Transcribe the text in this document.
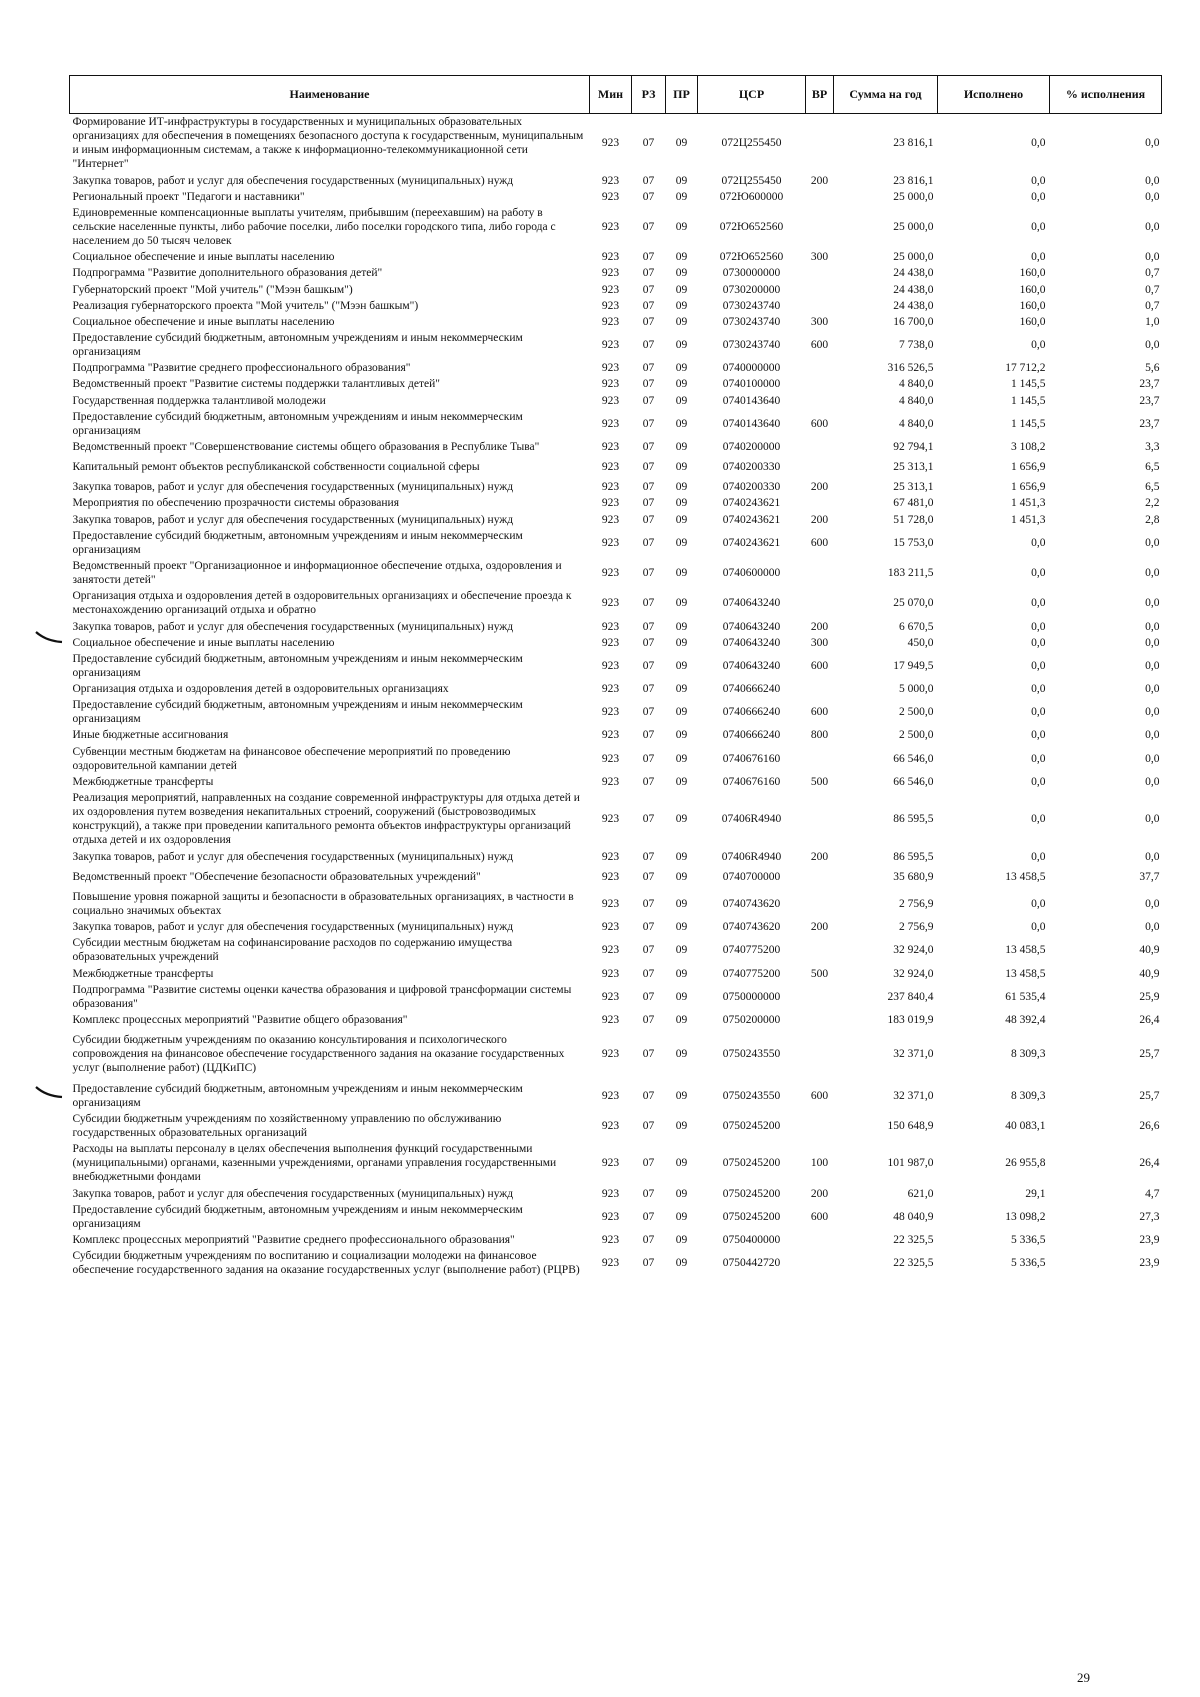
Наименование	Мин	РЗ	ПР	ЦСР	ВР	Сумма на год	Исполнено	% исполнения
Формирование ИТ-инфраструктуры в государственных и муниципальных образовательных организациях для обеспечения в помещениях безопасного доступа к государственным, муниципальным и иным информационным системам, а также к информационно-телекоммуникационной сети "Интернет"	923	07	09	072Ц255450		23 816,1	0,0	0,0
Закупка товаров, работ и услуг для обеспечения государственных (муниципальных) нужд	923	07	09	072Ц255450	200	23 816,1	0,0	0,0
Региональный проект "Педагоги и наставники"	923	07	09	072Ю600000		25 000,0	0,0	0,0
Единовременные компенсационные выплаты учителям, прибывшим (переехавшим) на работу в сельские населенные пункты, либо рабочие поселки, либо поселки городского типа, либо города с населением до 50 тысяч человек	923	07	09	072Ю652560		25 000,0	0,0	0,0
Социальное обеспечение и иные выплаты населению	923	07	09	072Ю652560	300	25 000,0	0,0	0,0
Подпрограмма "Развитие дополнительного образования детей"	923	07	09	0730000000		24 438,0	160,0	0,7
Губернаторский проект "Мой учитель" ("Мээн башкым")	923	07	09	0730200000		24 438,0	160,0	0,7
Реализация губернаторского проекта "Мой учитель" ("Мээн башкым")	923	07	09	0730243740		24 438,0	160,0	0,7
Социальное обеспечение и иные выплаты населению	923	07	09	0730243740	300	16 700,0	160,0	1,0
Предоставление субсидий бюджетным, автономным учреждениям и иным некоммерческим организациям	923	07	09	0730243740	600	7 738,0	0,0	0,0
Подпрограмма "Развитие среднего профессионального образования"	923	07	09	0740000000		316 526,5	17 712,2	5,6
Ведомственный проект "Развитие системы поддержки талантливых детей"	923	07	09	0740100000		4 840,0	1 145,5	23,7
Государственная поддержка талантливой молодежи	923	07	09	0740143640		4 840,0	1 145,5	23,7
Предоставление субсидий бюджетным, автономным учреждениям и иным некоммерческим организациям	923	07	09	0740143640	600	4 840,0	1 145,5	23,7
Ведомственный проект "Совершенствование системы общего образования в Республике Тыва"	923	07	09	0740200000		92 794,1	3 108,2	3,3
Капитальный ремонт объектов республиканской собственности социальной сферы	923	07	09	0740200330		25 313,1	1 656,9	6,5
Закупка товаров, работ и услуг для обеспечения государственных (муниципальных) нужд	923	07	09	0740200330	200	25 313,1	1 656,9	6,5
Мероприятия по обеспечению прозрачности системы образования	923	07	09	0740243621		67 481,0	1 451,3	2,2
Закупка товаров, работ и услуг для обеспечения государственных (муниципальных) нужд	923	07	09	0740243621	200	51 728,0	1 451,3	2,8
Предоставление субсидий бюджетным, автономным учреждениям и иным некоммерческим организациям	923	07	09	0740243621	600	15 753,0	0,0	0,0
Ведомственный проект "Организационное и информационное обеспечение отдыха, оздоровления и занятости детей"	923	07	09	0740600000		183 211,5	0,0	0,0
Организация отдыха и оздоровления детей в оздоровительных организациях и обеспечение проезда к местонахождению организаций отдыха и обратно	923	07	09	0740643240		25 070,0	0,0	0,0
Закупка товаров, работ и услуг для обеспечения государственных (муниципальных) нужд	923	07	09	0740643240	200	6 670,5	0,0	0,0
Социальное обеспечение и иные выплаты населению	923	07	09	0740643240	300	450,0	0,0	0,0
Предоставление субсидий бюджетным, автономным учреждениям и иным некоммерческим организациям	923	07	09	0740643240	600	17 949,5	0,0	0,0
Организация отдыха и оздоровления детей в оздоровительных организациях	923	07	09	0740666240		5 000,0	0,0	0,0
Предоставление субсидий бюджетным, автономным учреждениям и иным некоммерческим организациям	923	07	09	0740666240	600	2 500,0	0,0	0,0
Иные бюджетные ассигнования	923	07	09	0740666240	800	2 500,0	0,0	0,0
Субвенции местным бюджетам на финансовое обеспечение мероприятий по проведению оздоровительной кампании детей	923	07	09	0740676160		66 546,0	0,0	0,0
Межбюджетные трансферты	923	07	09	0740676160	500	66 546,0	0,0	0,0
Реализация мероприятий, направленных на создание современной инфраструктуры для отдыха детей и их оздоровления путем возведения некапитальных строений, сооружений (быстровозводимых конструкций), а также при проведении капитального ремонта объектов инфраструктуры организаций отдыха детей и их оздоровления	923	07	09	07406R4940		86 595,5	0,0	0,0
Закупка товаров, работ и услуг для обеспечения государственных (муниципальных) нужд	923	07	09	07406R4940	200	86 595,5	0,0	0,0
Ведомственный проект "Обеспечение безопасности образовательных учреждений"	923	07	09	0740700000		35 680,9	13 458,5	37,7
Повышение уровня пожарной защиты и безопасности в образовательных организациях, в частности в социально значимых объектах	923	07	09	0740743620		2 756,9	0,0	0,0
Закупка товаров, работ и услуг для обеспечения государственных (муниципальных) нужд	923	07	09	0740743620	200	2 756,9	0,0	0,0
Субсидии местным бюджетам на софинансирование расходов по содержанию имущества образовательных учреждений	923	07	09	0740775200		32 924,0	13 458,5	40,9
Межбюджетные трансферты	923	07	09	0740775200	500	32 924,0	13 458,5	40,9
Подпрограмма "Развитие системы оценки качества образования и цифровой трансформации системы образования"	923	07	09	0750000000		237 840,4	61 535,4	25,9
Комплекс процессных мероприятий "Развитие общего образования"	923	07	09	0750200000		183 019,9	48 392,4	26,4
Субсидии бюджетным учреждениям по оказанию консультирования и психологического сопровождения на финансовое обеспечение государственного задания на оказание государственных услуг (выполнение работ) (ЦДКиПС)	923	07	09	0750243550		32 371,0	8 309,3	25,7
Предоставление субсидий бюджетным, автономным учреждениям и иным некоммерческим организациям	923	07	09	0750243550	600	32 371,0	8 309,3	25,7
Субсидии бюджетным учреждениям по хозяйственному управлению по обслуживанию государственных образовательных организаций	923	07	09	0750245200		150 648,9	40 083,1	26,6
Расходы на выплаты персоналу в целях обеспечения выполнения функций государственными (муниципальными) органами, казенными учреждениями, органами управления государственными внебюджетными фондами	923	07	09	0750245200	100	101 987,0	26 955,8	26,4
Закупка товаров, работ и услуг для обеспечения государственных (муниципальных) нужд	923	07	09	0750245200	200	621,0	29,1	4,7
Предоставление субсидий бюджетным, автономным учреждениям и иным некоммерческим организациям	923	07	09	0750245200	600	48 040,9	13 098,2	27,3
Комплекс процессных мероприятий "Развитие среднего профессионального образования"	923	07	09	0750400000		22 325,5	5 336,5	23,9
Субсидии бюджетным учреждениям по воспитанию и социализации молодежи на финансовое обеспечение государственного задания на оказание государственных услуг (выполнение работ) (РЦРВ)	923	07	09	0750442720		22 325,5	5 336,5	23,9
29
